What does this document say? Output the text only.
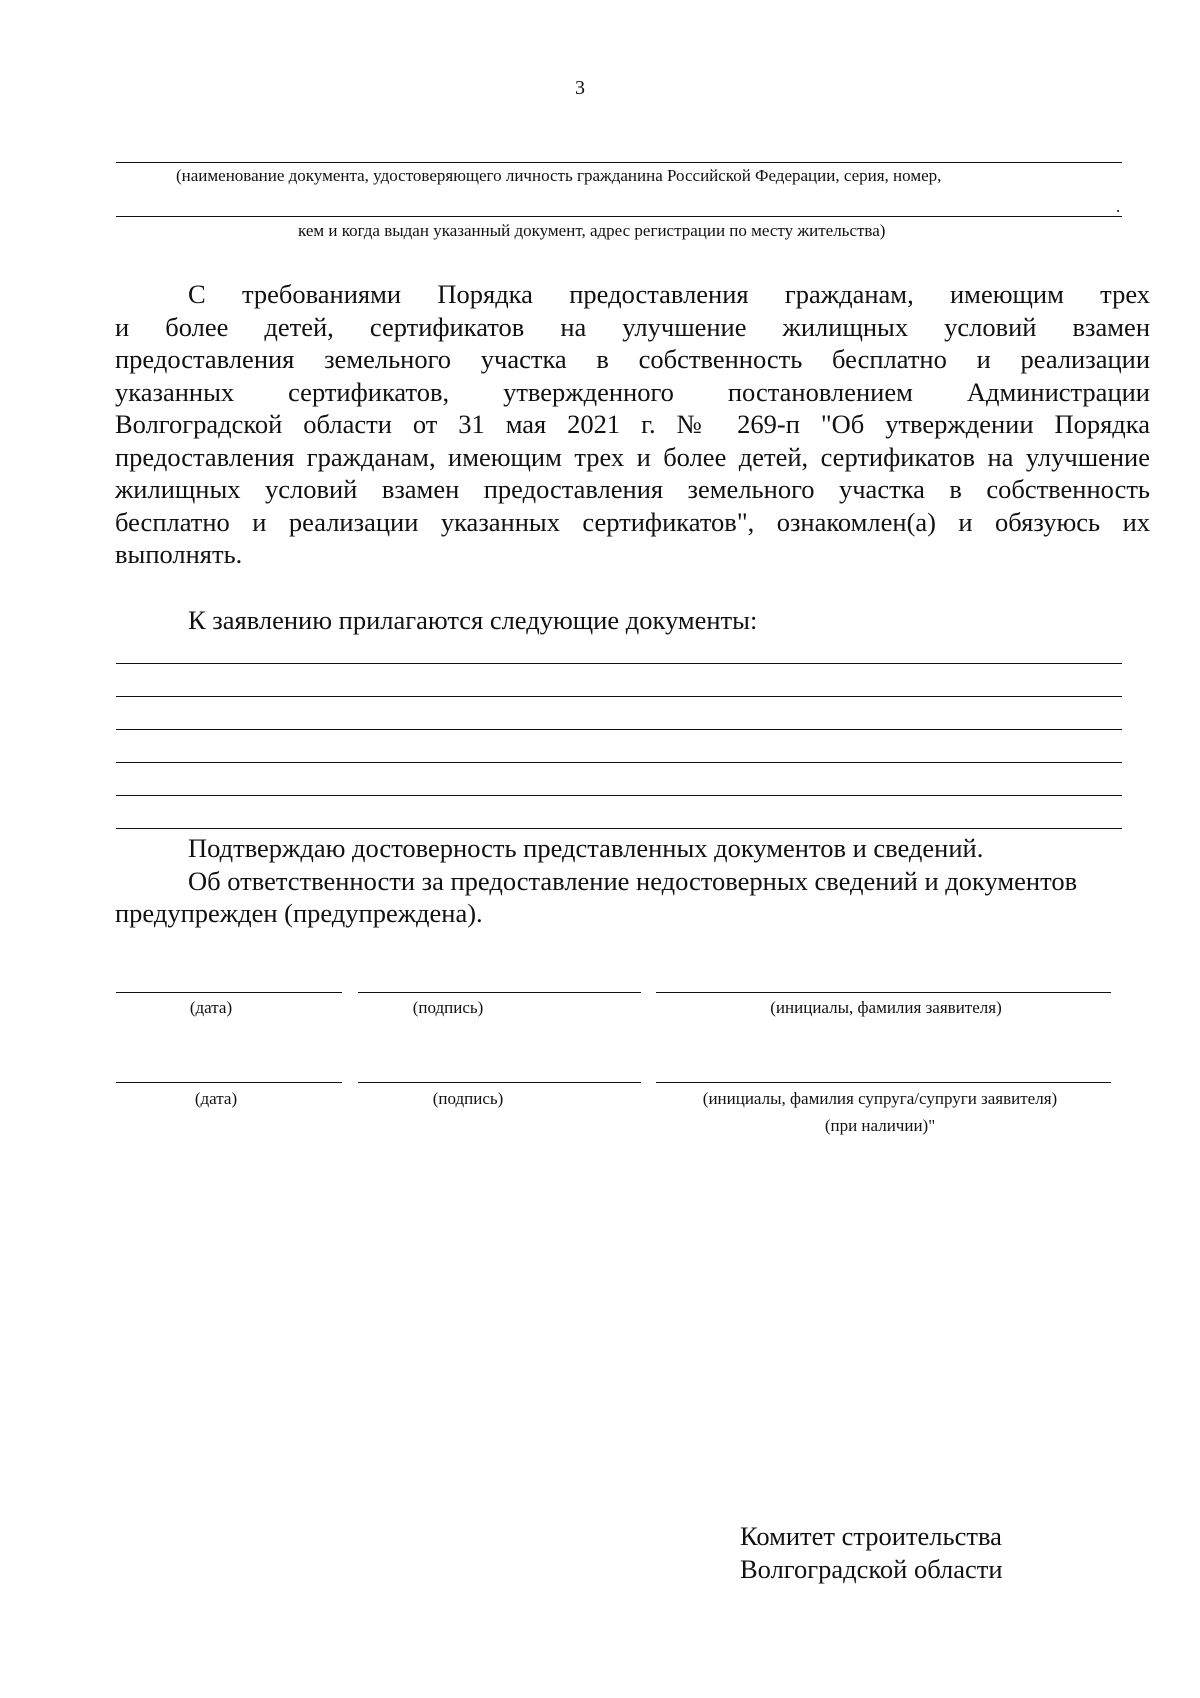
3
(наименование документа, удостоверяющего личность гражданина Российской Федерации, серия, номер,
.
кем и когда выдан указанный документ, адрес регистрации по месту жительства)
С требованиями Порядка предоставления гражданам, имеющим трех
и более детей, сертификатов на улучшение жилищных условий взамен
предоставления земельного участка в собственность бесплатно и реализации
указанных сертификатов, утвержденного постановлением Администрации
Волгоградской области от 31 мая 2021 г. № 269-п "Об утверждении Порядка
предоставления гражданам, имеющим трех и более детей, сертификатов на улучшение
жилищных условий взамен предоставления земельного участка в собственность
бесплатно и реализации указанных сертификатов", ознакомлен(а) и обязуюсь их
выполнять.
К заявлению прилагаются следующие документы:
Подтверждаю достоверность представленных документов и сведений.
Об ответственности за предоставление недостоверных сведений и документов
предупрежден (предупреждена).
(дата)	(подпись)	(инициалы, фамилия заявителя)
(дата)	(подпись)	(инициалы, фамилия супруга/супруги заявителя)
(при наличии)"
Комитет строительства
Волгоградской области
